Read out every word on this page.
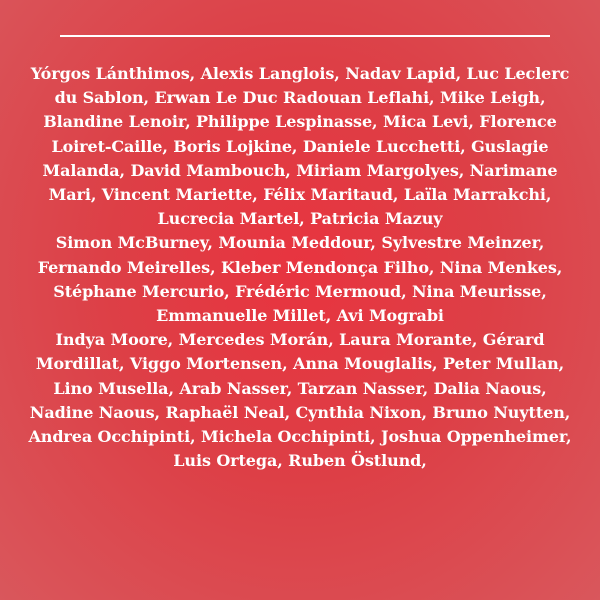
Yórgos Lánthimos, Alexis Langlois, Nadav Lapid, Luc Leclerc
du Sablon, Erwan Le Duc Radouan Leflahi, Mike Leigh,
Blandine Lenoir, Philippe Lespinasse, Mica Levi, Florence
Loiret-Caille, Boris Lojkine, Daniele Lucchetti, Guslagie
Malanda, David Mambouch, Miriam Margolyes, Narimane
Mari, Vincent Mariette, Félix Maritaud, Laïla Marrakchi,
Lucrecia Martel, Patricia Mazuy
Simon McBurney, Mounia Meddour, Sylvestre Meinzer,
Fernando Meirelles, Kleber Mendonça Filho, Nina Menkes,
Stéphane Mercurio, Frédéric Mermoud, Nina Meurisse,
Emmanuelle Millet, Avi Mograbi
Indya Moore, Mercedes Morán, Laura Morante, Gérard
Mordillat, Viggo Mortensen, Anna Mouglalis, Peter Mullan,
Lino Musella, Arab Nasser, Tarzan Nasser, Dalia Naous,
Nadine Naous, Raphaël Neal, Cynthia Nixon, Bruno Nuytten,
Andrea Occhipinti, Michela Occhipinti, Joshua Oppenheimer,
Luis Ortega, Ruben Östlund,
